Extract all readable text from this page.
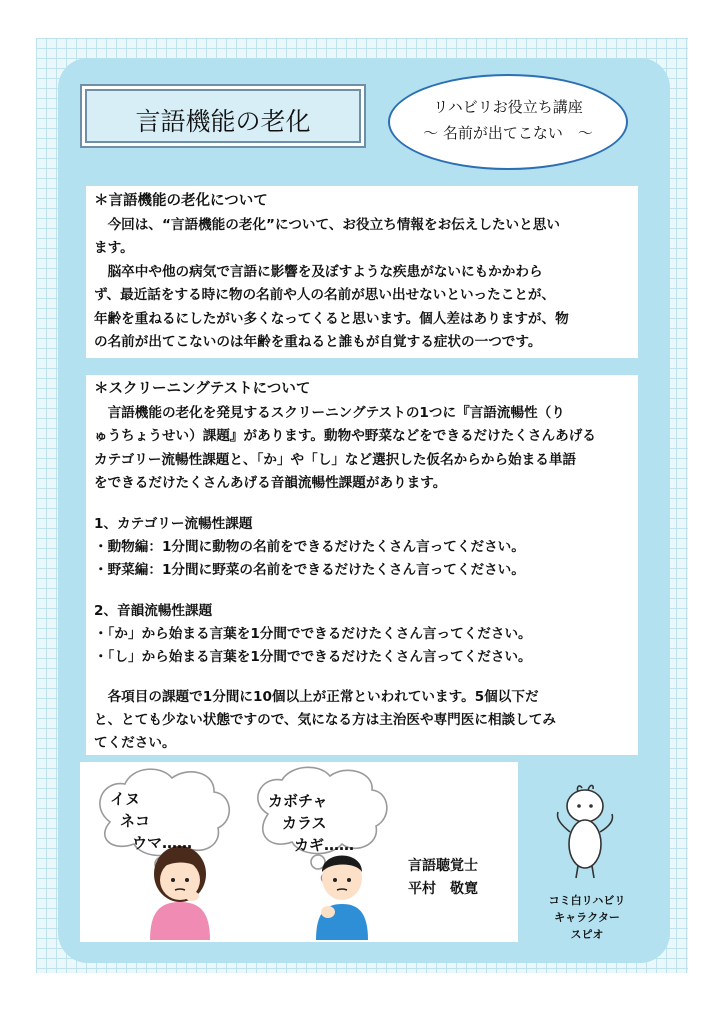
言語機能の老化	リハビリお役立ち講座
～ 名前が出てこない　～
＊言語機能の老化について
　今回は、“言語機能の老化”について、お役立ち情報をお伝えしたいと思い
ます。
　脳卒中や他の病気で言語に影響を及ぼすような疾患がないにもかかわら
ず、最近話をする時に物の名前や人の名前が思い出せないといったことが、
年齢を重ねるにしたがい多くなってくると思います。個人差はありますが、物
の名前が出てこないのは年齢を重ねると誰もが自覚する症状の一つです。
＊スクリーニングテストについて
　言語機能の老化を発見するスクリーニングテストの1つに『言語流暢性（り
ゅうちょうせい）課題』があります。動物や野菜などをできるだけたくさんあげる
カテゴリー流暢性課題と、「か」や「し」など選択した仮名からから始まる単語
をできるだけたくさんあげる音韻流暢性課題があります。
1、カテゴリー流暢性課題
・動物編：1分間に動物の名前をできるだけたくさん言ってください。
・野菜編：1分間に野菜の名前をできるだけたくさん言ってください。
2、音韻流暢性課題
・「か」から始まる言葉を1分間でできるだけたくさん言ってください。
・「し」から始まる言葉を1分間でできるだけたくさん言ってください。
　各項目の課題で1分間に10個以上が正常といわれています。5個以下だ
と、とても少ない状態ですので、気になる方は主治医や専門医に相談してみ
てください。
イヌ
ネコ
ウマ……
カボチャ
カラス
カギ……
言語聴覚士
平村　敬寛
コミ白リハビリ
キャラクター
スピオ
